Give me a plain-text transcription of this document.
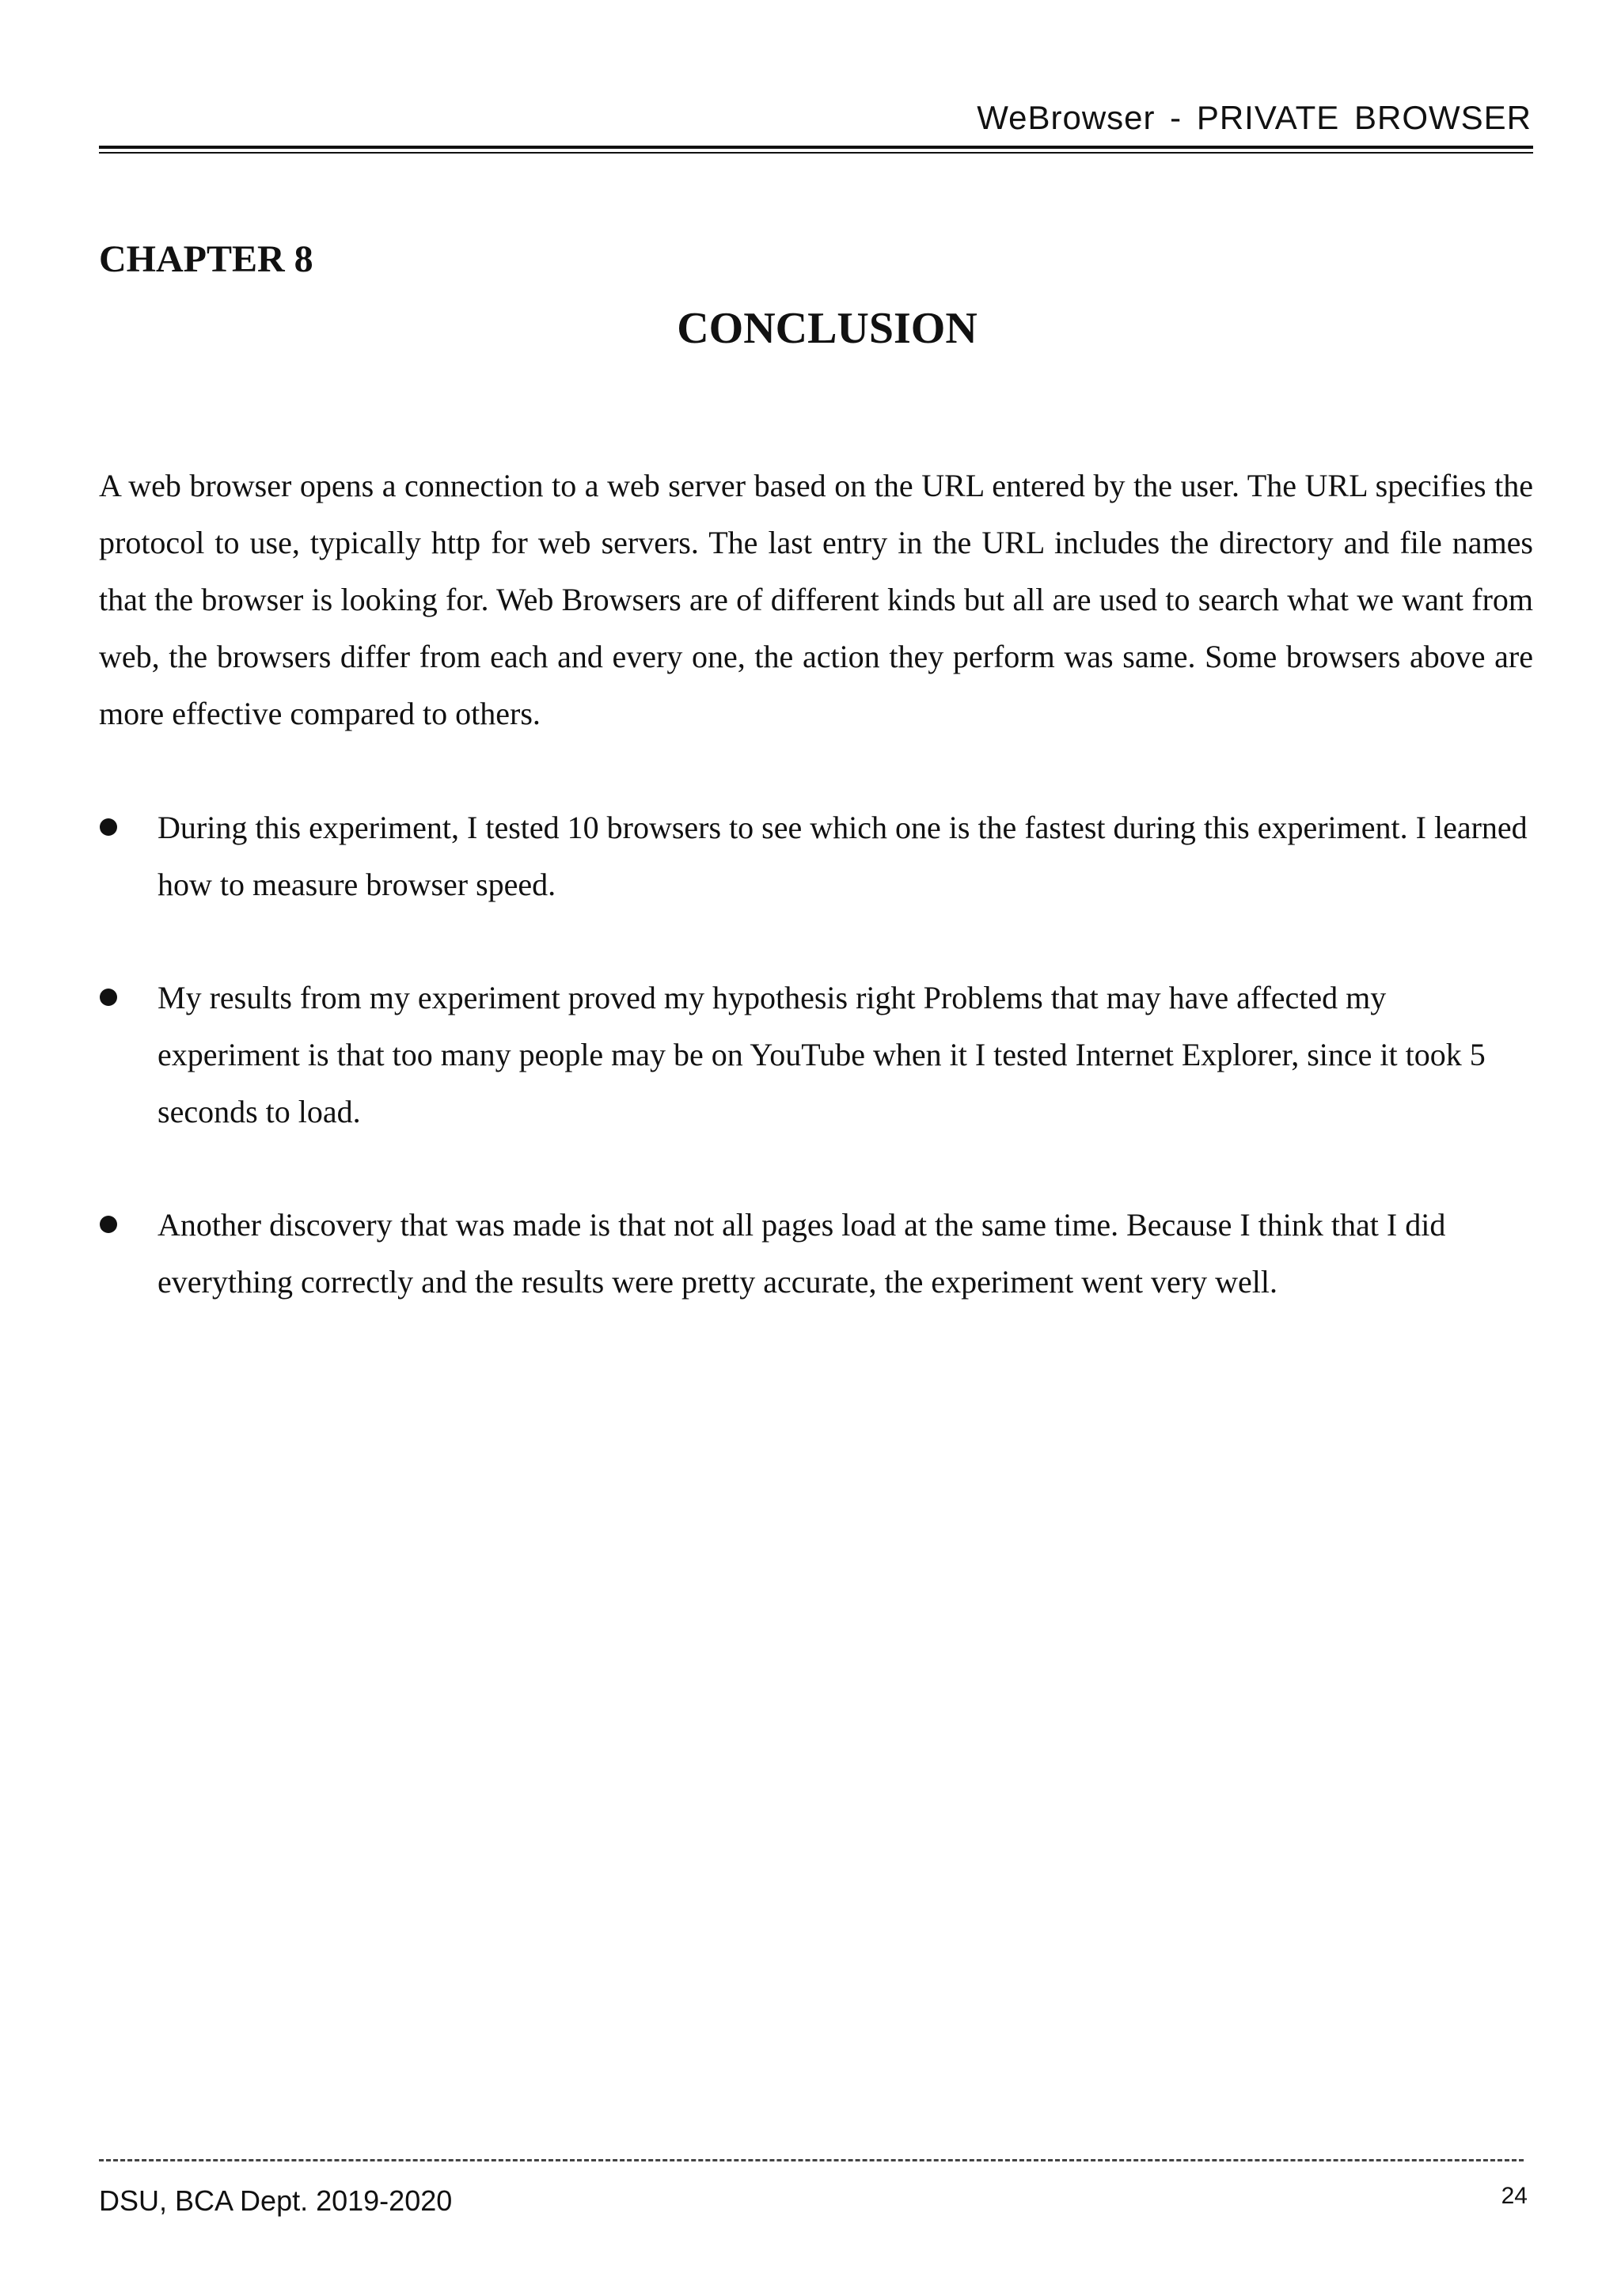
WeBrowser - PRIVATE BROWSER
CHAPTER 8
CONCLUSION

A web browser opens a connection to a web server based on the URL entered by the user. The URL specifies the protocol to use, typically http for web servers. The last entry in the URL includes the directory and file names that the browser is looking for. Web Browsers are of different kinds but all are used to search what we want from web, the browsers differ from each and every one, the action they perform was same. Some browsers above are more effective compared to others.

During this experiment, I tested 10 browsers to see which one is the fastest during this experiment. I learned how to measure browser speed.
My results from my experiment proved my hypothesis right Problems that may have affected my experiment is that too many people may be on YouTube when it I tested Internet Explorer, since it took 5 seconds to load.
Another discovery that was made is that not all pages load at the same time. Because I think that I did everything correctly and the results were pretty accurate, the experiment went very well.
DSU, BCA Dept. 2019-2020	24
